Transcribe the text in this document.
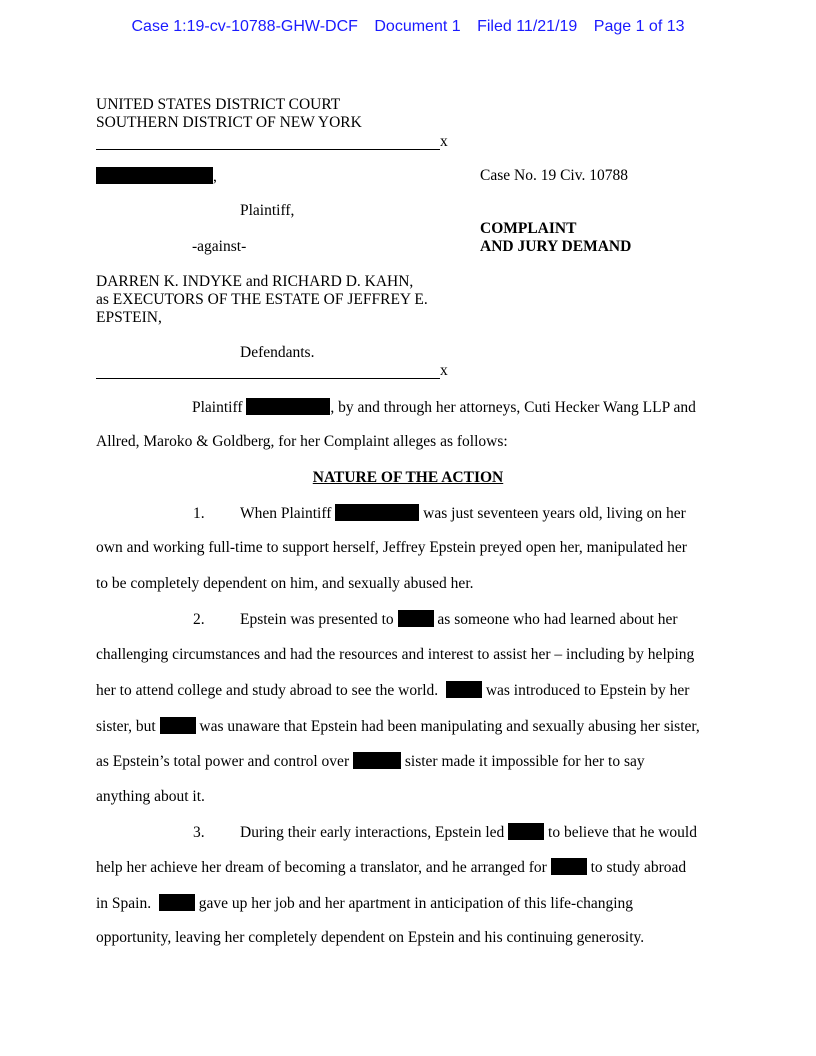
Case 1:19-cv-10788-GHW-DCF Document 1 Filed 11/21/19 Page 1 of 13
UNITED STATES DISTRICT COURT
SOUTHERN DISTRICT OF NEW YORK
x
,	Case No. 19 Civ. 10788
Plaintiff,
COMPLAINT
AND JURY DEMAND
-against-
DARREN K. INDYKE and RICHARD D. KAHN,
as EXECUTORS OF THE ESTATE OF JEFFREY E.
EPSTEIN,
Defendants.
x
Plaintiff	, by and through her attorneys, Cuti Hecker Wang LLP and
Allred, Maroko & Goldberg, for her Complaint alleges as follows:
NATURE OF THE ACTION
1. When Plaintiff	was just seventeen years old, living on her
own and working full-time to support herself, Jeffrey Epstein preyed open her, manipulated her
to be completely dependent on him, and sexually abused her.
2. Epstein was presented to  as someone who had learned about her
challenging circumstances and had the resources and interest to assist her – including by helping
her to attend college and study abroad to see the world.   was introduced to Epstein by her
sister, but  was unaware that Epstein had been manipulating and sexually abusing her sister,
as Epstein’s total power and control over	sister made it impossible for her to say
anything about it.
3. During their early interactions, Epstein led  to believe that he would
help her achieve her dream of becoming a translator, and he arranged for  to study abroad
in Spain.   gave up her job and her apartment in anticipation of this life-changing
opportunity, leaving her completely dependent on Epstein and his continuing generosity.
